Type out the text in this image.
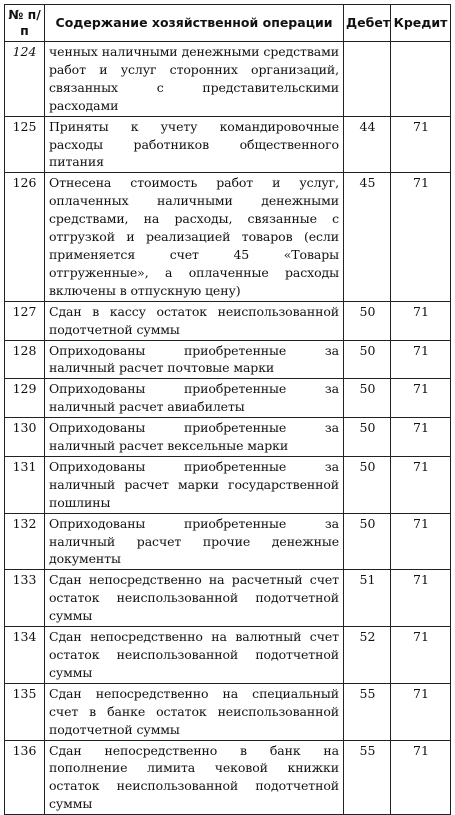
№ п/п	Содержание хозяйственной операции	Дебет	Кредит
124	ченных наличными денежными средствами работ и услуг сторонних организаций, связанных с представительскими расходами		
125	Приняты к учету командировочные расходы работников общественного питания	44	71
126	Отнесена стоимость работ и услуг, оплаченных наличными денежными средствами, на расходы, связанные с отгрузкой и реализацией товаров (если применяется счет 45 «Товары отгруженные», а оплаченные расходы включены в отпускную цену)	45	71
127	Сдан в кассу остаток неиспользованной подотчетной суммы	50	71
128	Оприходованы приобретенные за наличный расчет почтовые марки	50	71
129	Оприходованы приобретенные за наличный расчет авиабилеты	50	71
130	Оприходованы приобретенные за наличный расчет вексельные марки	50	71
131	Оприходованы приобретенные за наличный расчет марки государственной пошлины	50	71
132	Оприходованы приобретенные за наличный расчет прочие денежные документы	50	71
133	Сдан непосредственно на расчетный счет остаток неиспользованной подотчетной суммы	51	71
134	Сдан непосредственно на валютный счет остаток неиспользованной подотчетной суммы	52	71
135	Сдан непосредственно на специальный счет в банке остаток неиспользованной подотчетной суммы	55	71
136	Сдан непосредственно в банк на пополнение лимита чековой книжки остаток неиспользованной подотчетной суммы	55	71
